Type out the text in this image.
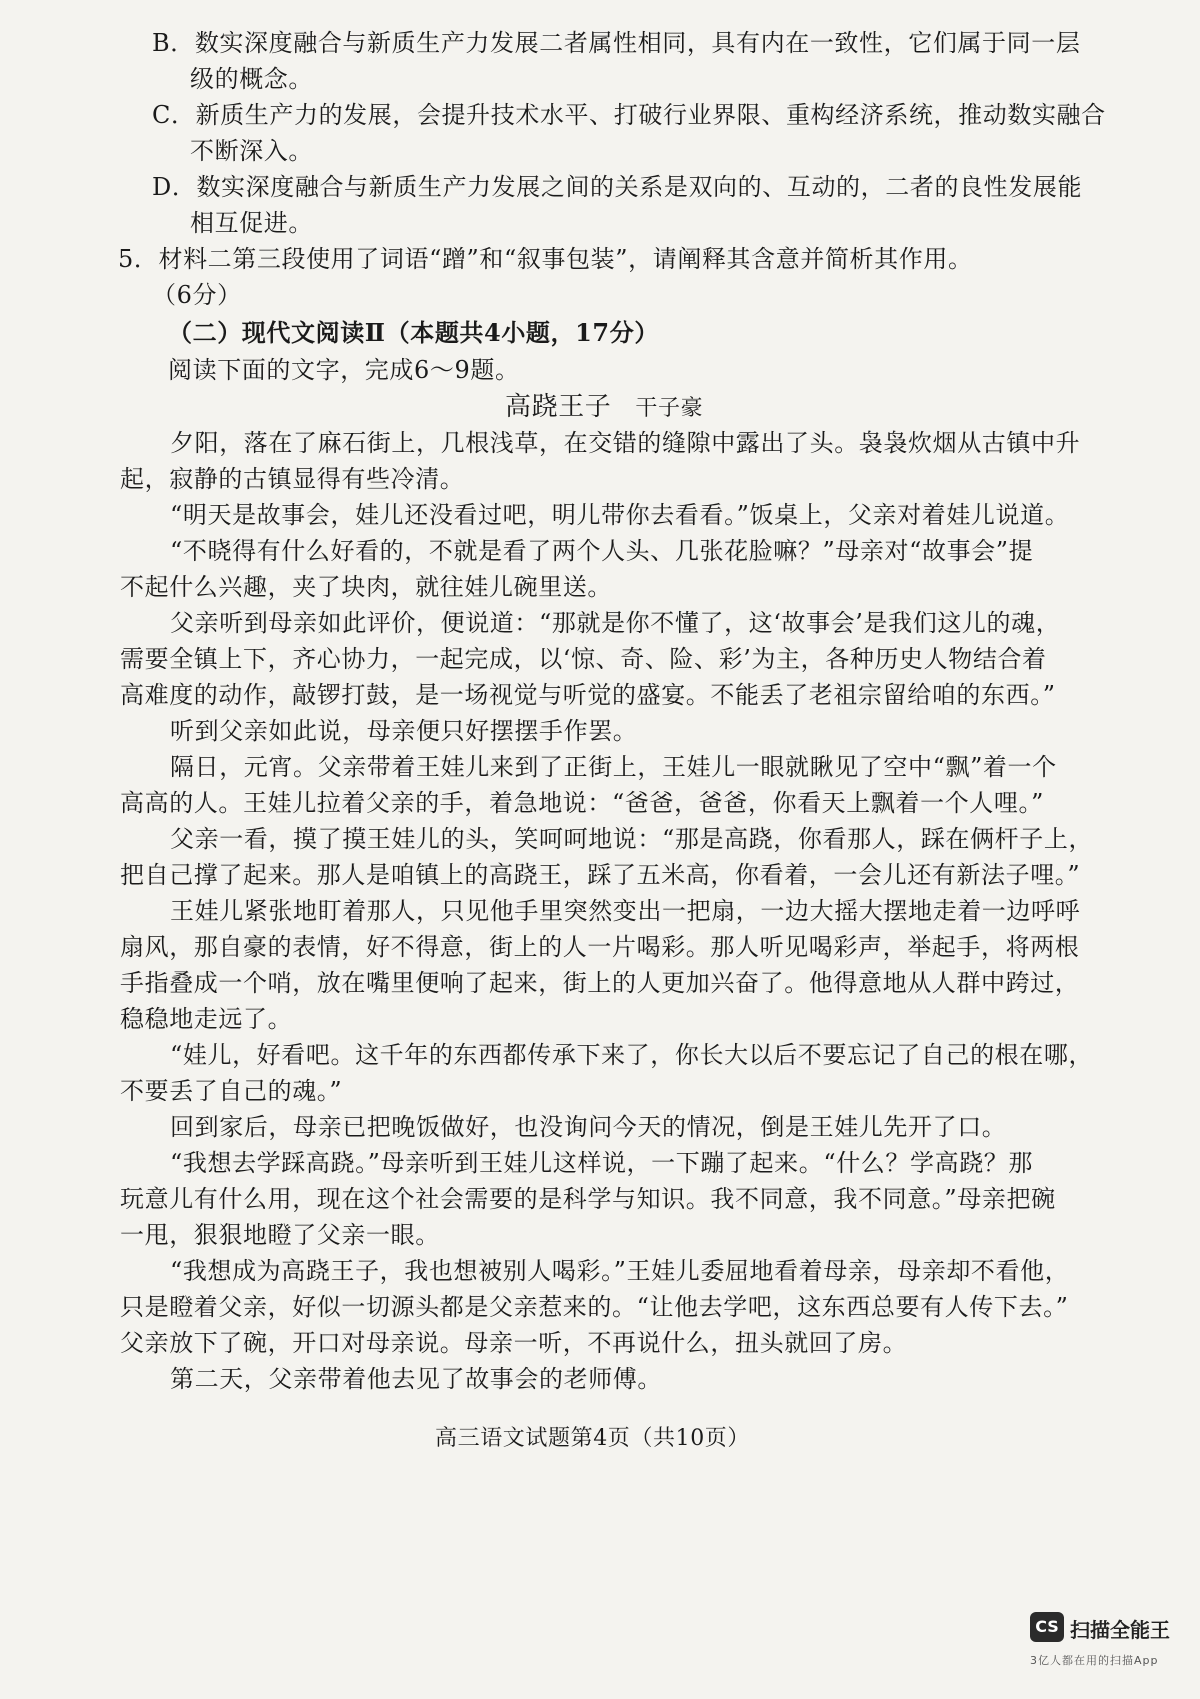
B．数实深度融合与新质生产力发展二者属性相同，具有内在一致性，它们属于同一层
级的概念。
C．新质生产力的发展，会提升技术水平、打破行业界限、重构经济系统，推动数实融合
不断深入。
D．数实深度融合与新质生产力发展之间的关系是双向的、互动的，二者的良性发展能
相互促进。
5．材料二第三段使用了词语“蹭”和“叙事包装”，请阐释其含意并简析其作用。
（6分）
（二）现代文阅读Ⅱ（本题共4小题，17分）
阅读下面的文字，完成6～9题。
高跷王子 干子豪
夕阳，落在了麻石街上，几根浅草，在交错的缝隙中露出了头。袅袅炊烟从古镇中升
起，寂静的古镇显得有些冷清。
“明天是故事会，娃儿还没看过吧，明儿带你去看看。”饭桌上，父亲对着娃儿说道。
“不晓得有什么好看的，不就是看了两个人头、几张花脸嘛？”母亲对“故事会”提
不起什么兴趣，夹了块肉，就往娃儿碗里送。
父亲听到母亲如此评价，便说道：“那就是你不懂了，这‘故事会’是我们这儿的魂，
需要全镇上下，齐心协力，一起完成，以‘惊、奇、险、彩’为主，各种历史人物结合着
高难度的动作，敲锣打鼓，是一场视觉与听觉的盛宴。不能丢了老祖宗留给咱的东西。”
听到父亲如此说，母亲便只好摆摆手作罢。
隔日，元宵。父亲带着王娃儿来到了正街上，王娃儿一眼就瞅见了空中“飘”着一个
高高的人。王娃儿拉着父亲的手，着急地说：“爸爸，爸爸，你看天上飘着一个人哩。”
父亲一看，摸了摸王娃儿的头，笑呵呵地说：“那是高跷，你看那人，踩在俩杆子上，
把自己撑了起来。那人是咱镇上的高跷王，踩了五米高，你看着，一会儿还有新法子哩。”
王娃儿紧张地盯着那人，只见他手里突然变出一把扇，一边大摇大摆地走着一边呼呼
扇风，那自豪的表情，好不得意，街上的人一片喝彩。那人听见喝彩声，举起手，将两根
手指叠成一个哨，放在嘴里便响了起来，街上的人更加兴奋了。他得意地从人群中跨过，
稳稳地走远了。
“娃儿，好看吧。这千年的东西都传承下来了，你长大以后不要忘记了自己的根在哪，
不要丢了自己的魂。”
回到家后，母亲已把晚饭做好，也没询问今天的情况，倒是王娃儿先开了口。
“我想去学踩高跷。”母亲听到王娃儿这样说，一下蹦了起来。“什么？学高跷？那
玩意儿有什么用，现在这个社会需要的是科学与知识。我不同意，我不同意。”母亲把碗
一甩，狠狠地瞪了父亲一眼。
“我想成为高跷王子，我也想被别人喝彩。”王娃儿委屈地看着母亲，母亲却不看他，
只是瞪着父亲，好似一切源头都是父亲惹来的。“让他去学吧，这东西总要有人传下去。”
父亲放下了碗，开口对母亲说。母亲一听，不再说什么，扭头就回了房。
第二天，父亲带着他去见了故事会的老师傅。
高三语文试题第4页（共10页）
CS 扫描全能王
3亿人都在用的扫描App
